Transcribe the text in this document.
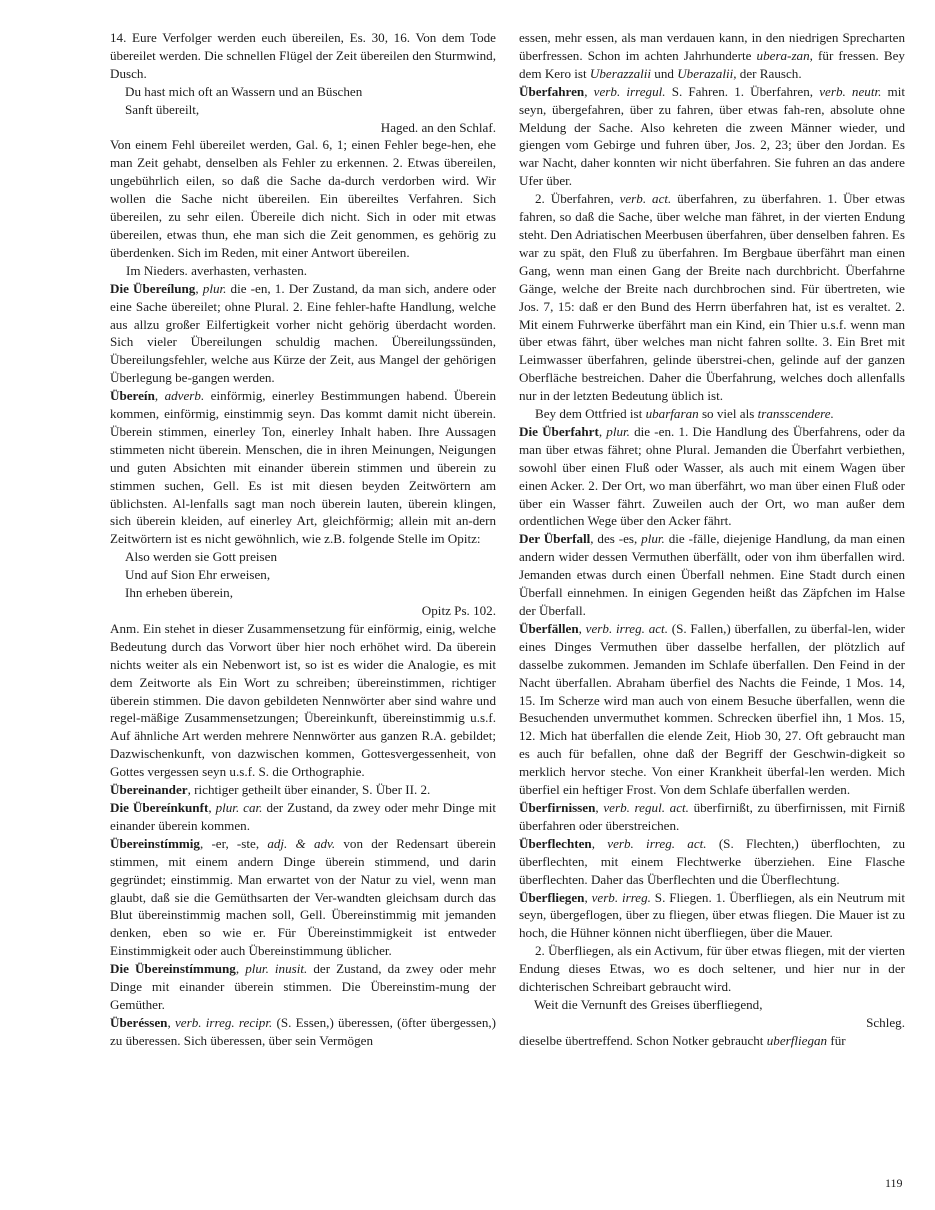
14. Eure Verfolger werden euch übereilen, Es. 30, 16. Von dem Tode übereilet werden. Die schnellen Flügel der Zeit übereilen den Sturmwind, Dusch.

Du hast mich oft an Wassern und an Büschen

Sanft übereilt,

Haged. an den Schlaf.

Von einem Fehl übereilet werden, Gal. 6, 1; einen Fehler bege-hen, ehe man Zeit gehabt, denselben als Fehler zu erkennen. 2. Etwas übereilen, ungebührlich eilen, so daß die Sache da-durch verdorben wird. Wir wollen die Sache nicht übereilen. Ein übereiltes Verfahren. Sich übereilen, zu sehr eilen. Übereile dich nicht. Sich in oder mit etwas übereilen, etwas thun, ehe man sich die Zeit genommen, es gehörig zu überdenken. Sich im Reden, mit einer Antwort übereilen.

Im Nieders. averhasten, verhasten.

Die Übereílung, plur. die -en, 1. Der Zustand, da man sich, andere oder eine Sache übereilet; ohne Plural. 2. Eine fehler-hafte Handlung, welche aus allzu großer Eilfertigkeit vorher nicht gehörig überdacht worden. Sich vieler Übereilungen schuldig machen. Übereilungssünden, Übereilungsfehler, welche aus Kürze der Zeit, aus Mangel der gehörigen Überlegung be-gangen werden.

Übereín, adverb. einförmig, einerley Bestimmungen habend. Überein kommen, einförmig, einstimmig seyn. Das kommt damit nicht überein. Überein stimmen, einerley Ton, einerley Inhalt haben. Ihre Aussagen stimmeten nicht überein. Menschen, die in ihren Meinungen, Neigungen und guten Absichten mit einander überein stimmen und überein zu stimmen suchen, Gell. Es ist mit diesen beyden Zeitwörtern am üblichsten. Al-lenfalls sagt man noch überein lauten, überein klingen, sich überein kleiden, auf einerley Art, gleichförmig; allein mit an-dern Zeitwörtern ist es nicht gewöhnlich, wie z.B. folgende Stelle im Opitz:

Also werden sie Gott preisen

Und auf Sion Ehr erweisen,

Ihn erheben überein,

Opitz Ps. 102.

Anm. Ein stehet in dieser Zusammensetzung für einförmig, einig, welche Bedeutung durch das Vorwort über hier noch erhöhet wird. Da überein nichts weiter als ein Nebenwort ist, so ist es wider die Analogie, es mit dem Zeitworte als Ein Wort zu schreiben; übereinstimmen, richtiger überein stimmen. Die davon gebildeten Nennwörter aber sind wahre und regel-mäßige Zusammensetzungen; Übereinkunft, übereinstimmig u.s.f. Auf ähnliche Art werden mehrere Nennwörter aus ganzen R.A. gebildet; Dazwischenkunft, von dazwischen kommen, Gottesvergessenheit, von Gottes vergessen seyn u.s.f. S. die Orthographie.

Übereinander, richtiger getheilt über einander, S. Über II. 2.

Die Übereínkunft, plur. car. der Zustand, da zwey oder mehr Dinge mit einander überein kommen.

Übereinstímmig, -er, -ste, adj. & adv. von der Redensart überein stimmen, mit einem andern Dinge überein stimmend, und darin gegründet; einstimmig. Man erwartet von der Natur zu viel, wenn man glaubt, daß sie die Gemüthsarten der Ver-wandten gleichsam durch das Blut übereinstimmig machen soll, Gell. Übereinstimmig mit jemanden denken, eben so wie er. Für Übereinstimmigkeit ist entweder Einstimmigkeit oder auch Übereinstimmung üblicher.

Die Übereinstímmung, plur. inusit. der Zustand, da zwey oder mehr Dinge mit einander überein stimmen. Die Übereinstim-mung der Gemüther.

Überéssen, verb. irreg. recipr. (S. Essen,) überessen, (öfter übergessen,) zu überessen. Sich überessen, über sein Vermögen

essen, mehr essen, als man verdauen kann, in den niedrigen Sprecharten überfressen. Schon im achten Jahrhunderte ubera-zan, für fressen. Bey dem Kero ist Uberazzalii und Uberazalii, der Rausch.

Überfahren, verb. irregul. S. Fahren. 1. Überfahren, verb. neutr. mit seyn, übergefahren, über zu fahren, über etwas fah-ren, absolute ohne Meldung der Sache. Also kehreten die zween Männer wieder, und giengen vom Gebirge und fuhren über, Jos. 2, 23; über den Jordan. Es war Nacht, daher konnten wir nicht überfahren. Sie fuhren an das andere Ufer über.

2. Überfahren, verb. act. überfahren, zu überfahren. 1. Über etwas fahren, so daß die Sache, über welche man fähret, in der vierten Endung steht. Den Adriatischen Meerbusen überfahren, über denselben fahren. Es war zu spät, den Fluß zu überfahren. Im Bergbaue überfährt man einen Gang, wenn man einen Gang der Breite nach durchbricht. Überfahrne Gänge, welche der Breite nach durchbrochen sind. Für übertreten, wie Jos. 7, 15: daß er den Bund des Herrn überfahren hat, ist es veraltet. 2. Mit einem Fuhrwerke überfährt man ein Kind, ein Thier u.s.f. wenn man über etwas fährt, über welches man nicht fahren sollte. 3. Ein Bret mit Leimwasser überfahren, gelinde überstrei-chen, gelinde auf der ganzen Oberfläche bestreichen. Daher die Überfahrung, welches doch allenfalls nur in der letzten Bedeutung üblich ist.

Bey dem Ottfried ist ubarfaran so viel als transscendere.

Die Überfahrt, plur. die -en. 1. Die Handlung des Überfahrens, oder da man über etwas fähret; ohne Plural. Jemanden die Überfahrt verbiethen, sowohl über einen Fluß oder Wasser, als auch mit einem Wagen über einen Acker. 2. Der Ort, wo man überfährt, wo man über einen Fluß oder über ein Wasser fährt. Zuweilen auch der Ort, wo man außer dem ordentlichen Wege über den Acker fährt.

Der Überfall, des -es, plur. die -fälle, diejenige Handlung, da man einen andern wider dessen Vermuthen überfällt, oder von ihm überfallen wird. Jemanden etwas durch einen Überfall nehmen. Eine Stadt durch einen Überfall einnehmen. In einigen Gegenden heißt das Zäpfchen im Halse der Überfall.

Überfällen, verb. irreg. act. (S. Fallen,) überfallen, zu überfal-len, wider eines Dinges Vermuthen über dasselbe herfallen, der plötzlich auf dasselbe zukommen. Jemanden im Schlafe überfallen. Den Feind in der Nacht überfallen. Abraham überfiel des Nachts die Feinde, 1 Mos. 14, 15. Im Scherze wird man auch von einem Besuche überfallen, wenn die Besuchenden unvermuthet kommen. Schrecken überfiel ihn, 1 Mos. 15, 12. Mich hat überfallen die elende Zeit, Hiob 30, 27. Oft gebraucht man es auch für befallen, ohne daß der Begriff der Geschwin-digkeit so merklich hervor steche. Von einer Krankheit überfal-len werden. Mich überfiel ein heftiger Frost. Von dem Schlafe überfallen werden.

Überfirnissen, verb. regul. act. überfirnißt, zu überfirnissen, mit Firniß überfahren oder überstreichen.

Überflechten, verb. irreg. act. (S. Flechten,) überflochten, zu überflechten, mit einem Flechtwerke überziehen. Eine Flasche überflechten. Daher das Überflechten und die Überflechtung.

Überfliegen, verb. irreg. S. Fliegen. 1. Überfliegen, als ein Neutrum mit seyn, übergeflogen, über zu fliegen, über etwas fliegen. Die Mauer ist zu hoch, die Hühner können nicht überfliegen, über die Mauer.

2. Überfliegen, als ein Activum, für über etwas fliegen, mit der vierten Endung dieses Etwas, wo es doch seltener, und hier nur in der dichterischen Schreibart gebraucht wird.

Weit die Vernunft des Greises überfliegend,

Schleg.

dieselbe übertreffend. Schon Notker gebraucht uberfliegan für

119
